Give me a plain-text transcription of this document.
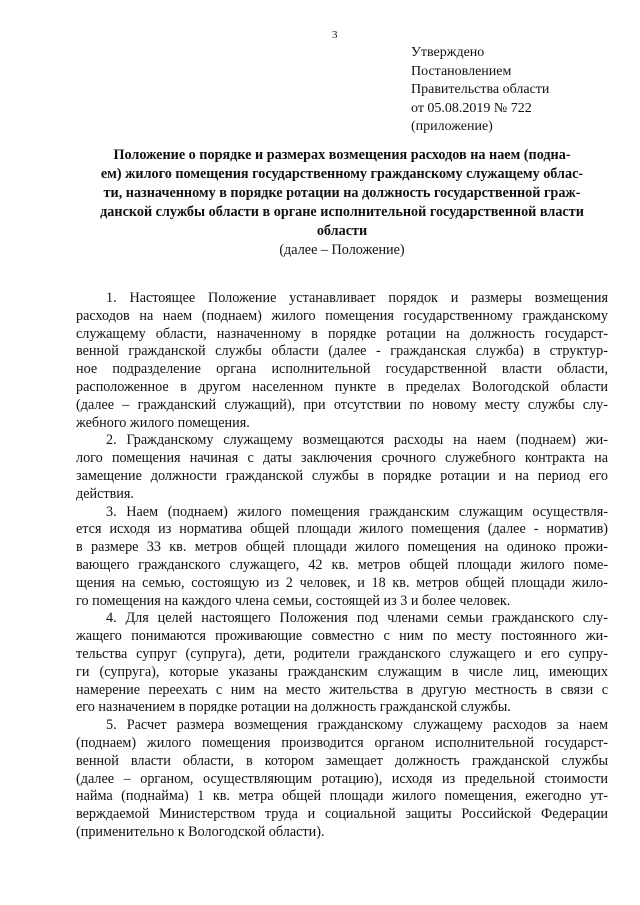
3
Утверждено
Постановлением
Правительства области
от 05.08.2019 № 722
(приложение)
Положение о порядке и размерах возмещения расходов на наем (подна-
ем) жилого помещения государственному гражданскому служащему облас-
ти, назначенному в порядке ротации на должность государственной граж-
данской службы области в органе исполнительной государственной власти
области
(далее – Положение)
1. Настоящее Положение устанавливает порядок и размеры возмещения
расходов на наем (поднаем) жилого помещения государственному гражданскому
служащему области, назначенному в порядке ротации на должность государст-
венной гражданской службы области (далее - гражданская служба) в структур-
ное подразделение органа исполнительной государственной власти области,
расположенное в другом населенном пункте в пределах Вологодской области
(далее – гражданский служащий), при отсутствии по новому месту службы слу-
жебного жилого помещения.
2. Гражданскому служащему возмещаются расходы на наем (поднаем) жи-
лого помещения начиная с даты заключения срочного служебного контракта на
замещение должности гражданской службы в порядке ротации и на период его
действия.
3. Наем (поднаем) жилого помещения гражданским служащим осуществля-
ется исходя из норматива общей площади жилого помещения (далее - норматив)
в размере 33 кв. метров общей площади жилого помещения на одиноко прожи-
вающего гражданского служащего, 42 кв. метров общей площади жилого поме-
щения на семью, состоящую из 2 человек, и 18 кв. метров общей площади жило-
го помещения на каждого члена семьи, состоящей из 3 и более человек.
4. Для целей настоящего Положения под членами семьи гражданского слу-
жащего понимаются проживающие совместно с ним по месту постоянного жи-
тельства супруг (супруга), дети, родители гражданского служащего и его супру-
ги (супруга), которые указаны гражданским служащим в числе лиц, имеющих
намерение переехать с ним на место жительства в другую местность в связи с
его назначением в порядке ротации на должность гражданской службы.
5. Расчет размера возмещения гражданскому служащему расходов за наем
(поднаем) жилого помещения производится органом исполнительной государст-
венной власти области, в котором замещает должность гражданской службы
(далее – органом, осуществляющим ротацию), исходя из предельной стоимости
найма (поднайма) 1 кв. метра общей площади жилого помещения, ежегодно ут-
верждаемой Министерством труда и социальной защиты Российской Федерации
(применительно к Вологодской области).
